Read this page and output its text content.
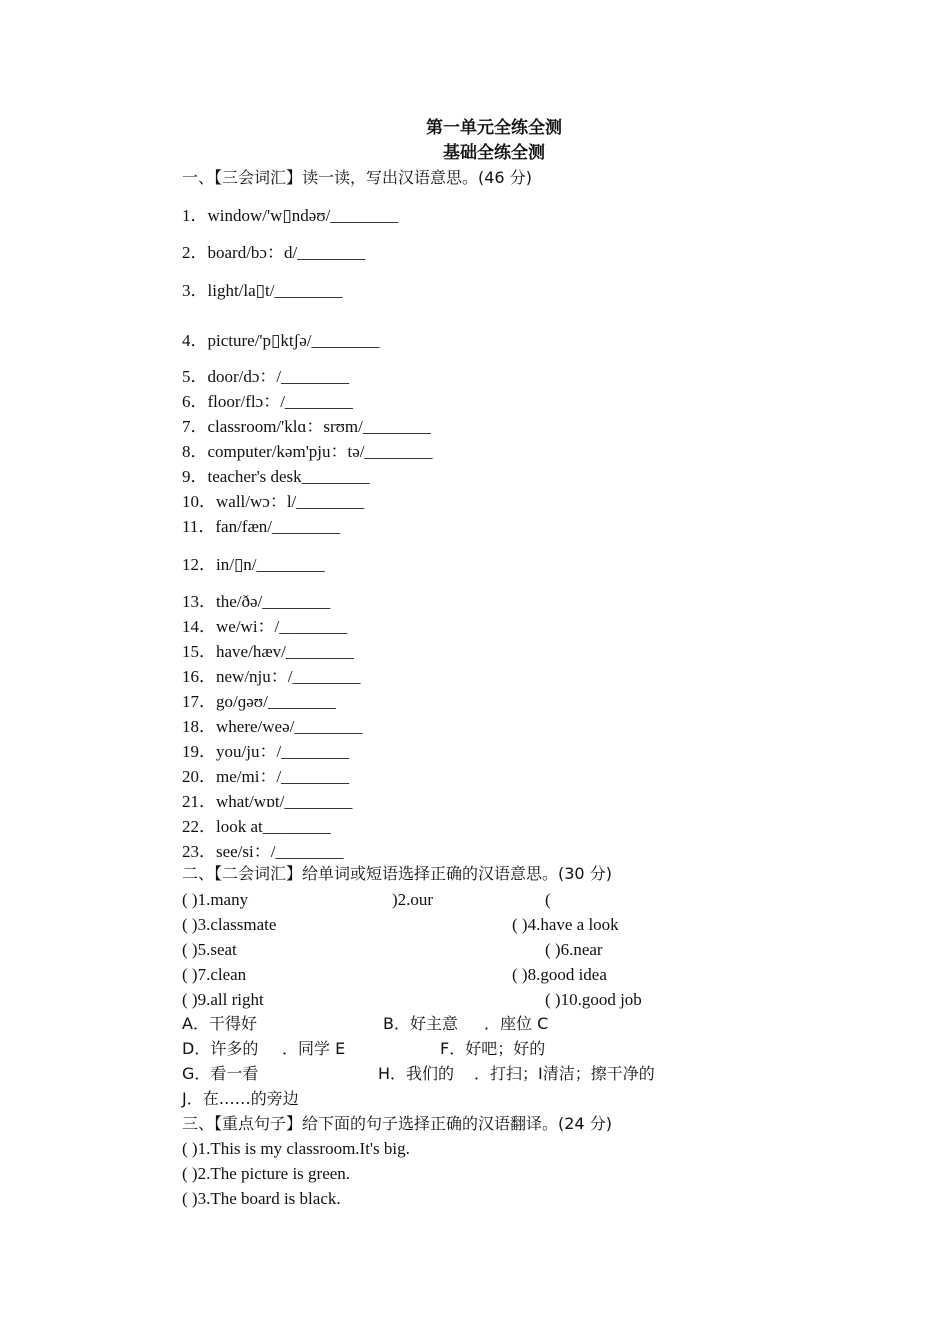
第一单元全练全测
基础全练全测
一、【三会词汇】读一读，写出汉语意思。(46 分)
1．window/'w▯ndəʊ/________
2．board/bɔ：d/________
3．light/la▯t/________
4．picture/'p▯ktʃə/________
5．door/dɔ：/________
6．floor/flɔ：/________
7．classroom/'klɑ：srʊm/________
8．computer/kəm'pju：tə/________
9．teacher's desk________
10．wall/wɔ：l/________
11．fan/fæn/________
12．in/▯n/________
13．the/ðə/________
14．we/wi：/________
15．have/hæv/________
16．new/nju：/________
17．go/ɡəʊ/________
18．where/weə/________
19．you/ju：/________
20．me/mi：/________
21．what/wɒt/________
22．look at________
23．see/si：/________
二、【二会词汇】给单词或短语选择正确的汉语意思。(30 分)
( )1.many	)2.our	(
( )3.classmate	( )4.have a look
( )5.seat	( )6.near
( )7.clean	( )8.good idea
( )9.all right	( )10.good job
A．干得好	B．好主意 ．座位 C
D．许多的 ．同学 E	F．好吧；好的
G．看一看	H．我们的 ．打扫；I清洁；擦干净的
J．在……的旁边
三、【重点句子】给下面的句子选择正确的汉语翻译。(24 分)
( )1.This is my classroom.It's big.
( )2.The picture is green.
( )3.The board is black.
